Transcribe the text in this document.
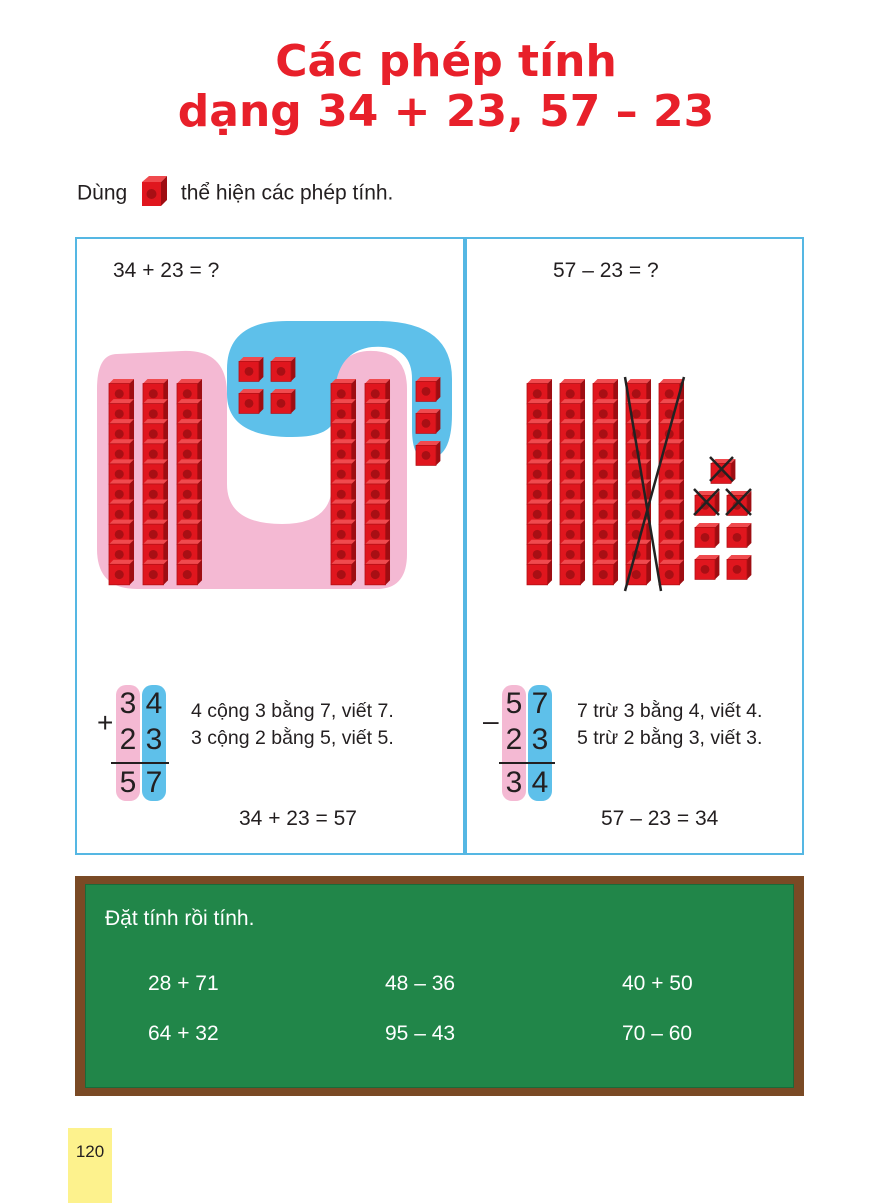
Các phép tính
dạng 34 + 23, 57 – 23
Dùng	thể hiện các phép tính.
34 + 23 = ?
+
3 4
2 3
5 7
4 cộng 3 bằng 7, viết 7.
3 cộng 2 bằng 5, viết 5.
34 + 23 = 57
57 – 23 = ?
–
5 7
2 3
3 4
7 trừ 3 bằng 4, viết 4.
5 trừ 2 bằng 3, viết 3.
57 – 23 = 34
Đặt tính rồi tính.
28 + 71	48 – 36	40 + 50
64 + 32	95 – 43	70 – 60
120
